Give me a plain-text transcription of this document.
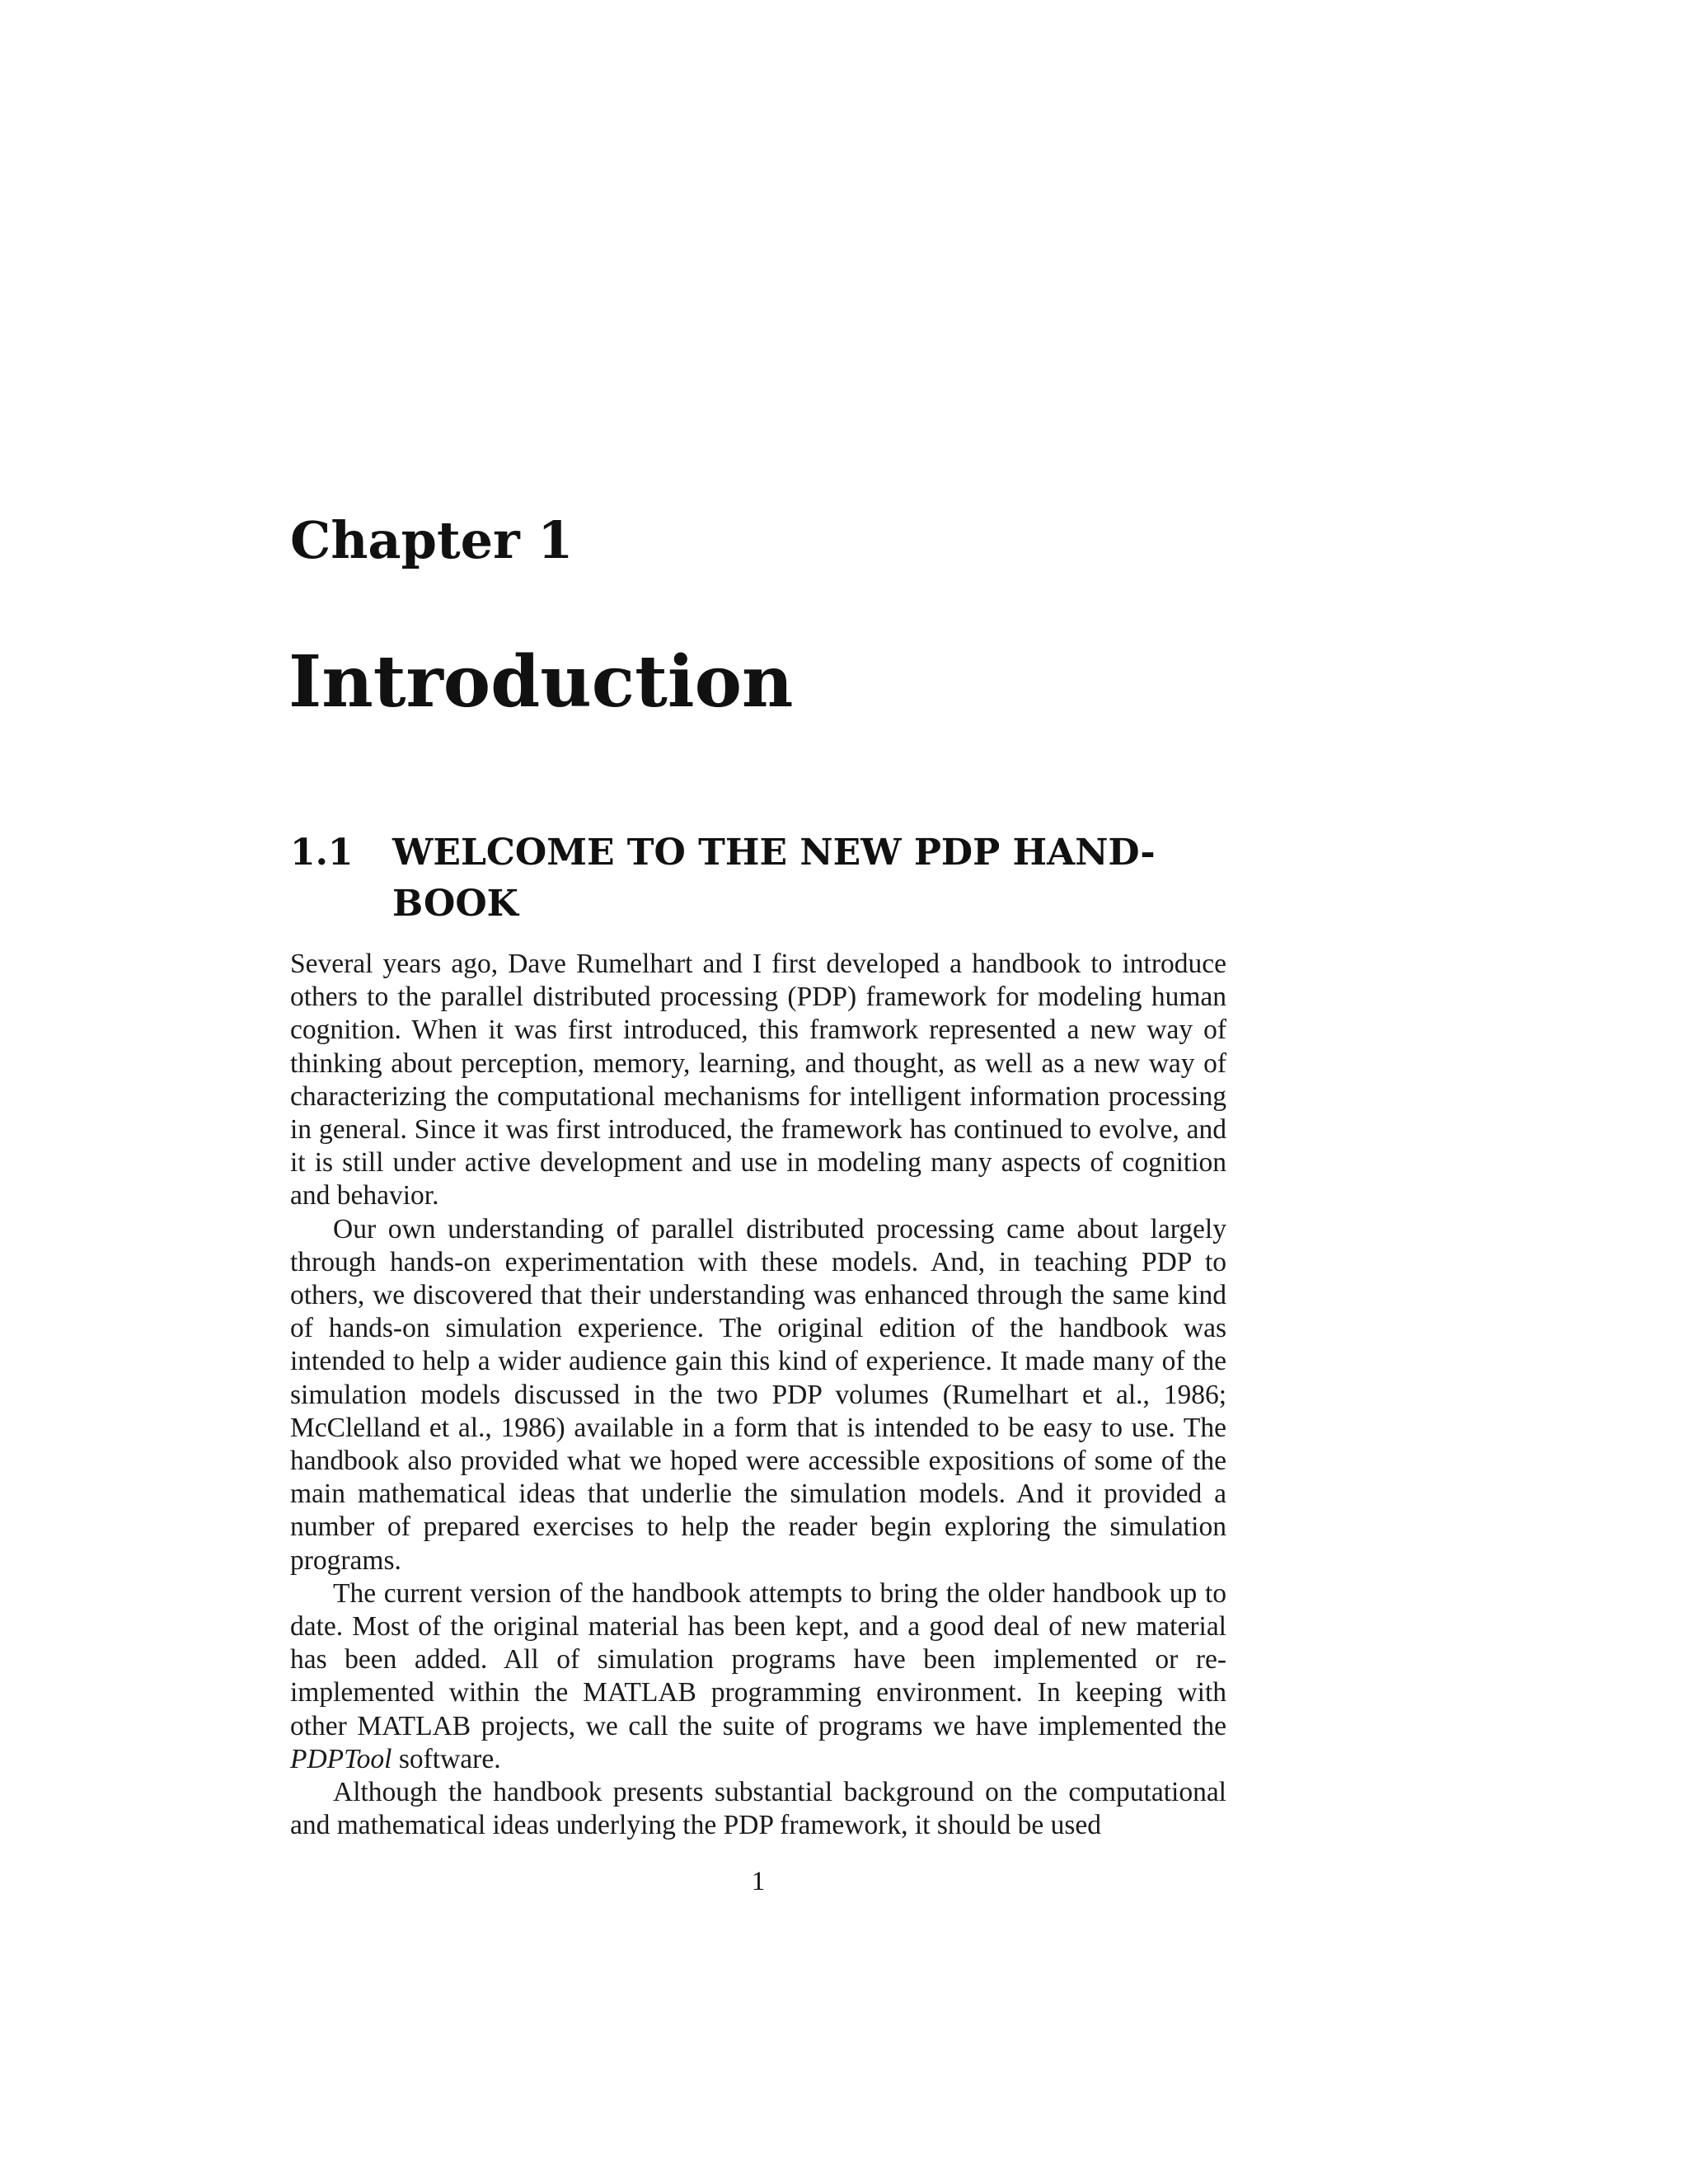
Chapter 1
Introduction
1.1 WELCOME TO THE NEW PDP HAND-
BOOK

Several years ago, Dave Rumelhart and I first developed a handbook to introduce others to the parallel distributed processing (PDP) framework for modeling human cognition. When it was first introduced, this framwork represented a new way of thinking about perception, memory, learning, and thought, as well as a new way of characterizing the computational mechanisms for intelligent information processing in general. Since it was first introduced, the framework has continued to evolve, and it is still under active development and use in modeling many aspects of cognition and behavior.

Our own understanding of parallel distributed processing came about largely through hands-on experimentation with these models. And, in teaching PDP to others, we discovered that their understanding was enhanced through the same kind of hands-on simulation experience. The original edition of the handbook was intended to help a wider audience gain this kind of experience. It made many of the simulation models discussed in the two PDP volumes (Rumelhart et al., 1986; McClelland et al., 1986) available in a form that is intended to be easy to use. The handbook also provided what we hoped were accessible expositions of some of the main mathematical ideas that underlie the simulation models. And it provided a number of prepared exercises to help the reader begin exploring the simulation programs.

The current version of the handbook attempts to bring the older handbook up to date. Most of the original material has been kept, and a good deal of new material has been added. All of simulation programs have been implemented or re-implemented within the MATLAB programming environment. In keeping with other MATLAB projects, we call the suite of programs we have implemented the PDPTool software.

Although the handbook presents substantial background on the computational and mathematical ideas underlying the PDP framework, it should be used

1
